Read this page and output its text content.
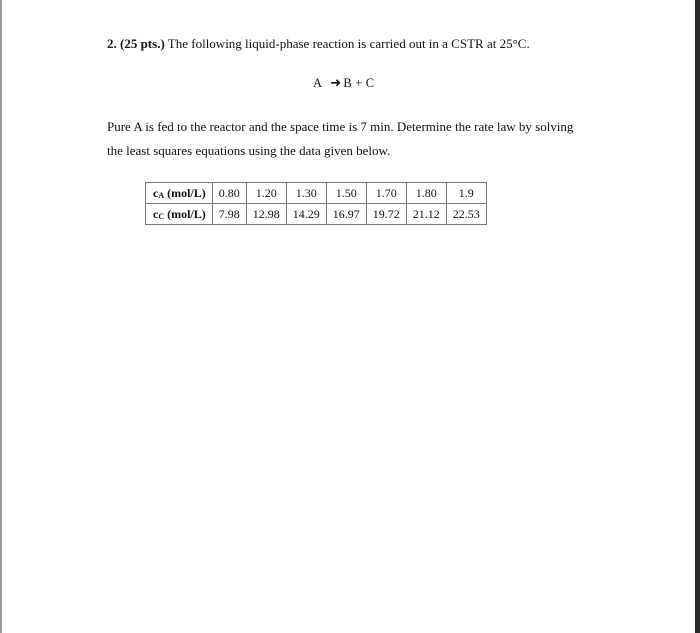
2. (25 pts.) The following liquid-phase reaction is carried out in a CSTR at 25°C.
A ➜ B + C
Pure A is fed to the reactor and the space time is 7 min. Determine the rate law by solving
the least squares equations using the data given below.
cA (mol/L)	0.80	1.20	1.30	1.50	1.70	1.80	1.9
cC (mol/L)	7.98	12.98	14.29	16.97	19.72	21.12	22.53
